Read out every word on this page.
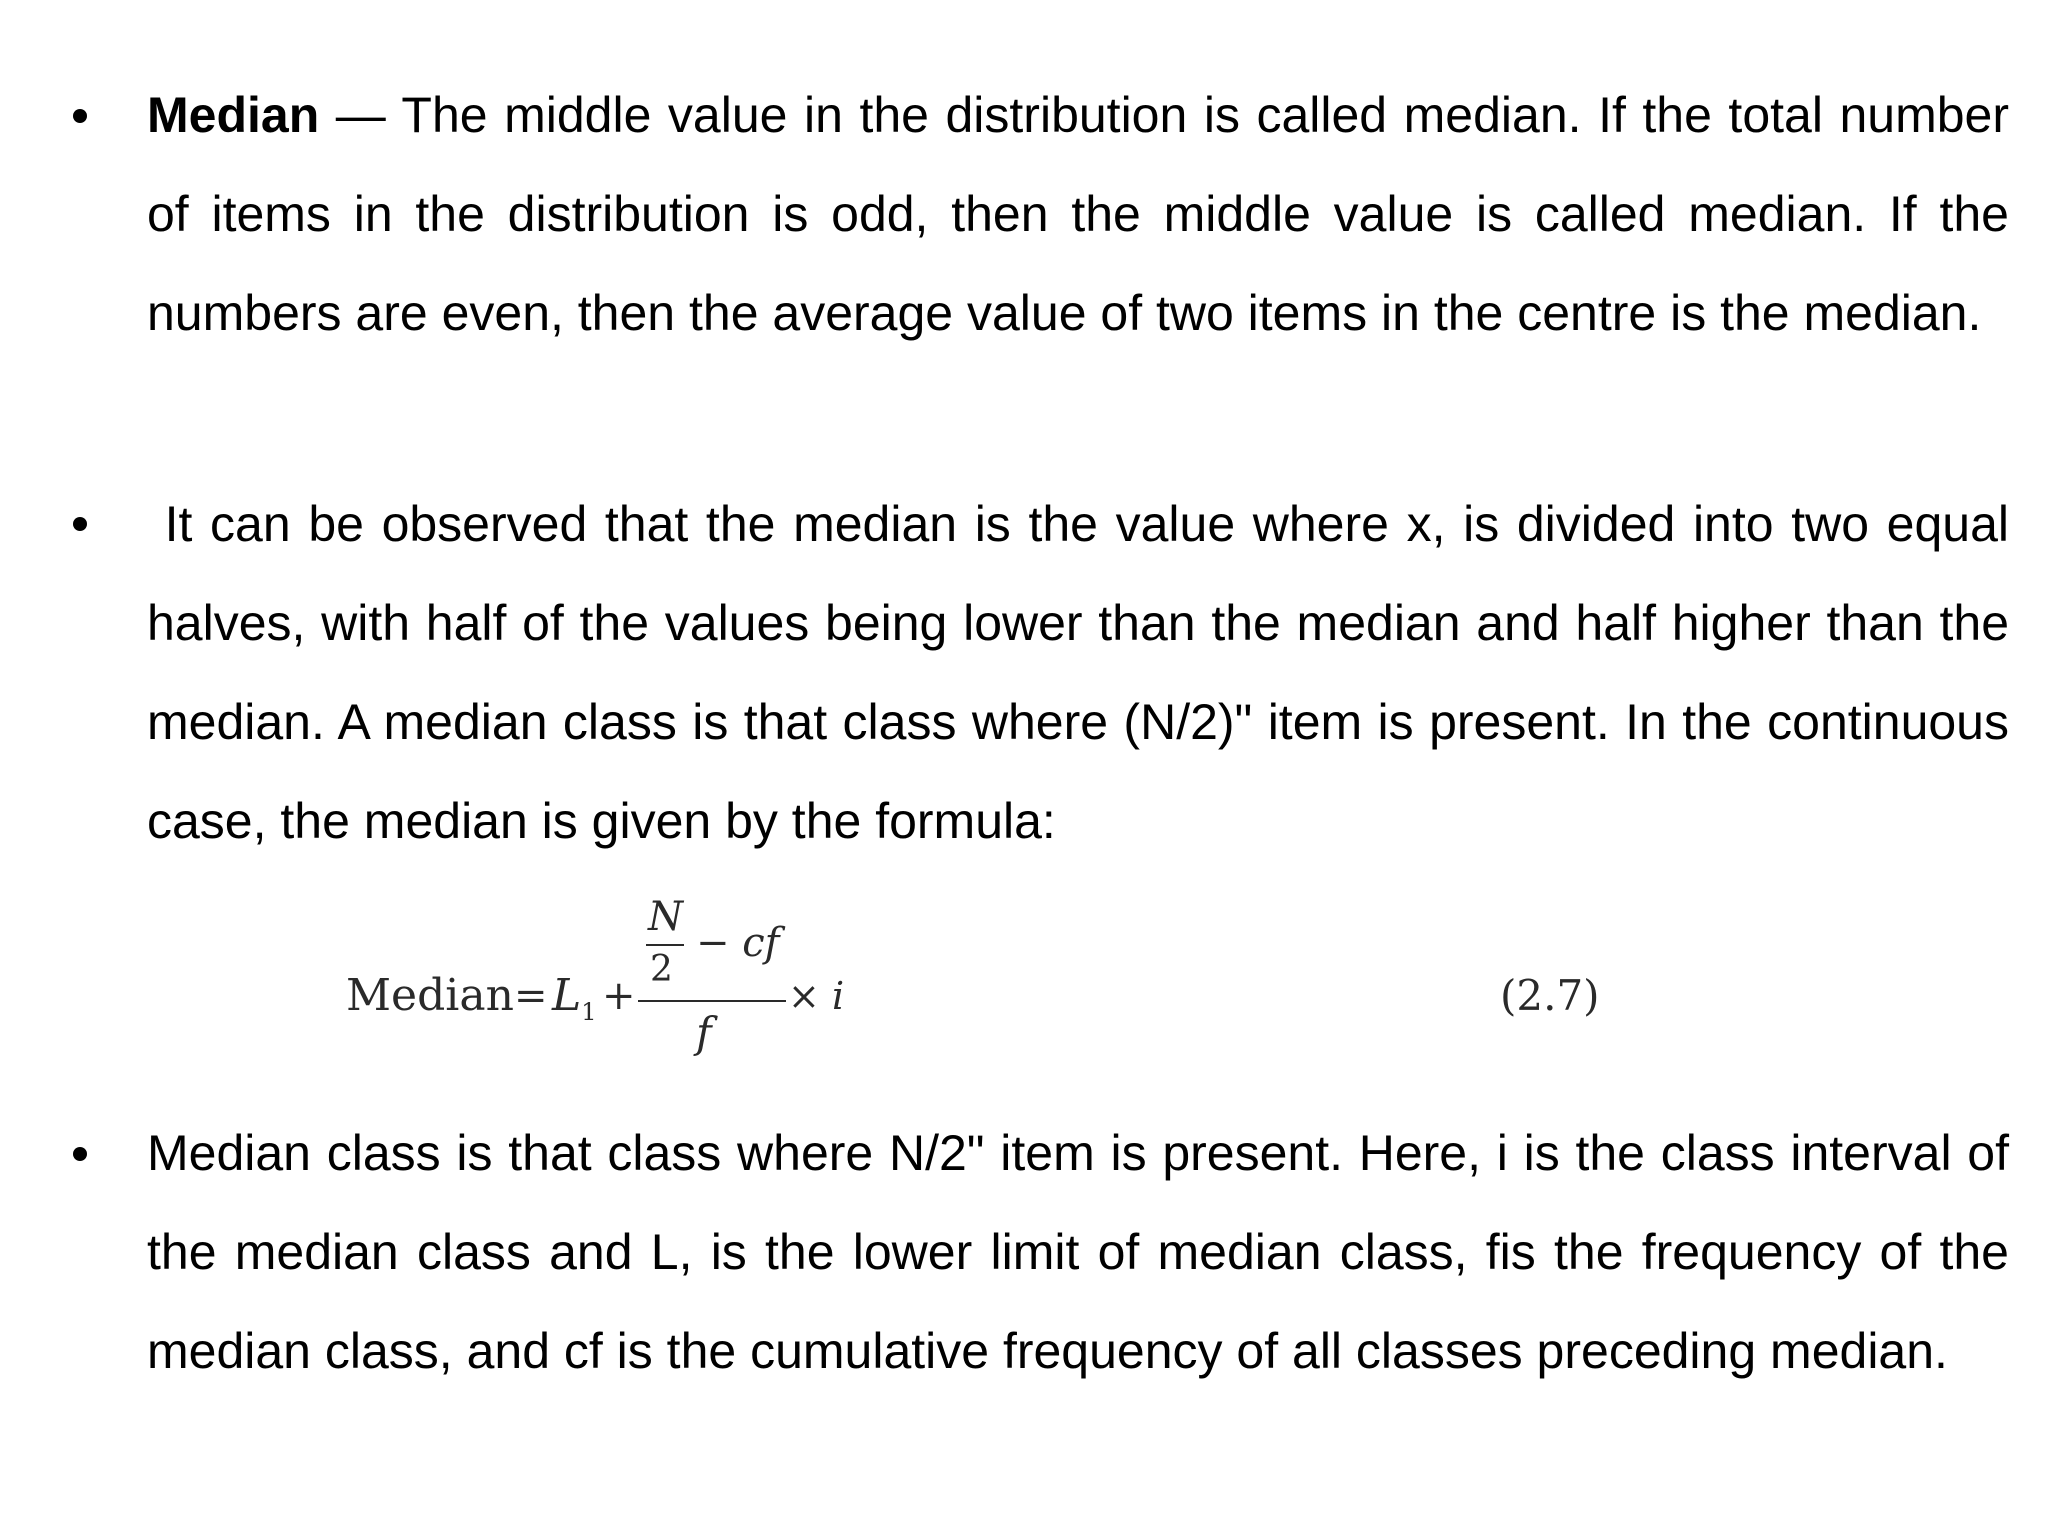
Median — The middle value in the distribution is called median. If the total number of items in the distribution is odd, then the middle value is called median. If the numbers are even, then the average value of two items in the centre is the median.

It can be observed that the median is the value where x, is divided into two equal halves, with half of the values being lower than the median and half higher than the median. A median class is that class where (N/2)" item is present. In the continuous case, the median is given by the formula:

Median class is that class where N/2" item is present. Here, i is the class interval of the median class and L, is the lower limit of median class, fis the frequency of the median class, and cf is the cumulative frequency of all classes preceding median.

Median = $L_1$ +
N
2
− cf
f
× i	(2.7)
